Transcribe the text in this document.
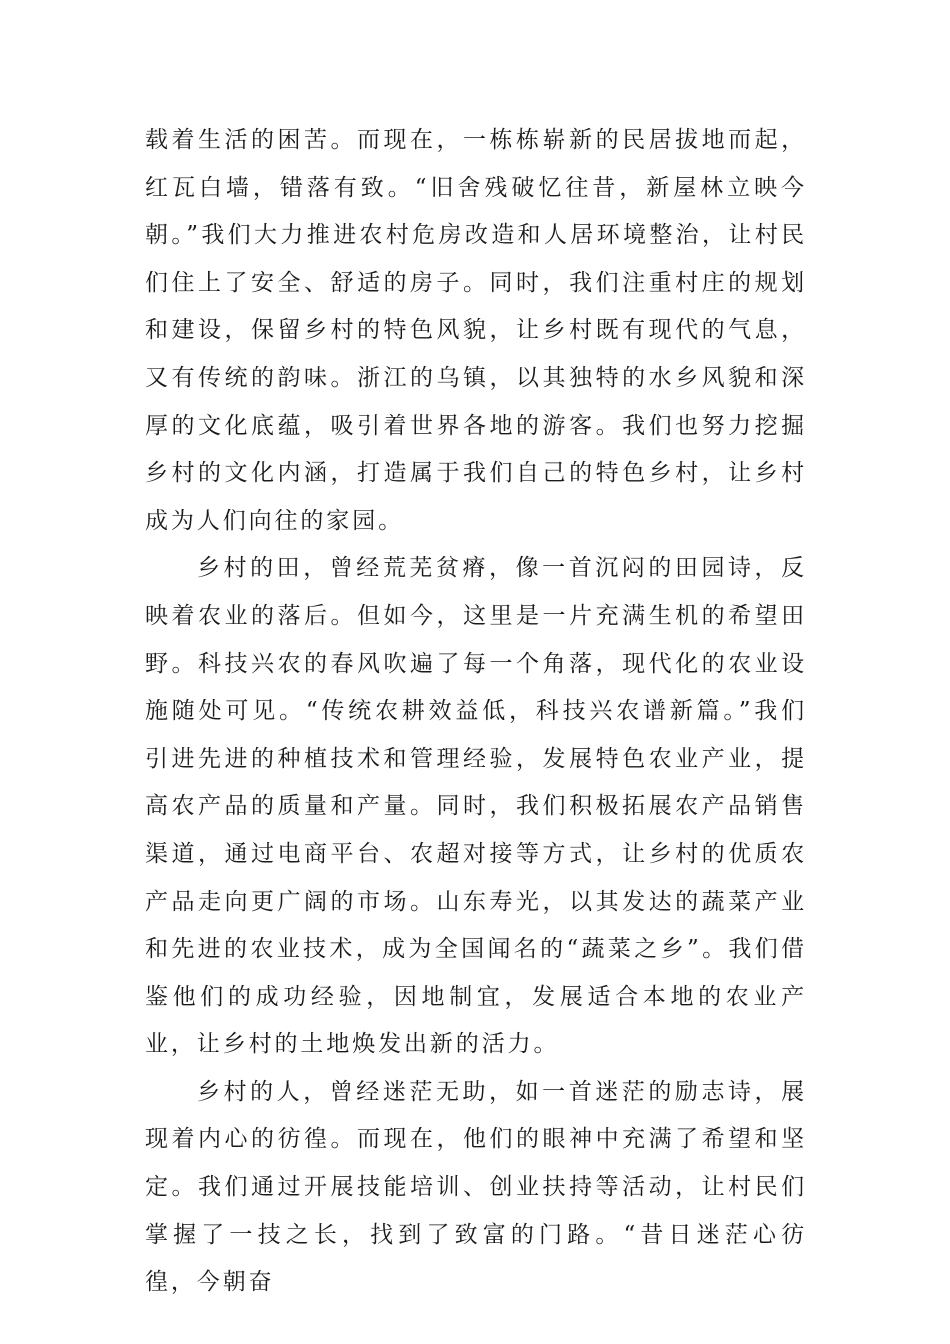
载着生活的困苦。而现在，一栋栋崭新的民居拔地而起，红瓦白墙，错落有致。“旧舍残破忆往昔，新屋林立映今朝。”我们大力推进农村危房改造和人居环境整治，让村民们住上了安全、舒适的房子。同时，我们注重村庄的规划和建设，保留乡村的特色风貌，让乡村既有现代的气息，又有传统的韵味。浙江的乌镇，以其独特的水乡风貌和深厚的文化底蕴，吸引着世界各地的游客。我们也努力挖掘乡村的文化内涵，打造属于我们自己的特色乡村，让乡村成为人们向往的家园。

乡村的田，曾经荒芜贫瘠，像一首沉闷的田园诗，反映着农业的落后。但如今，这里是一片充满生机的希望田野。科技兴农的春风吹遍了每一个角落，现代化的农业设施随处可见。“传统农耕效益低，科技兴农谱新篇。”我们引进先进的种植技术和管理经验，发展特色农业产业，提高农产品的质量和产量。同时，我们积极拓展农产品销售渠道，通过电商平台、农超对接等方式，让乡村的优质农产品走向更广阔的市场。山东寿光，以其发达的蔬菜产业和先进的农业技术，成为全国闻名的“蔬菜之乡”。我们借鉴他们的成功经验，因地制宜，发展适合本地的农业产业，让乡村的土地焕发出新的活力。

乡村的人，曾经迷茫无助，如一首迷茫的励志诗，展现着内心的彷徨。而现在，他们的眼神中充满了希望和坚定。我们通过开展技能培训、创业扶持等活动，让村民们掌握了一技之长，找到了致富的门路。“昔日迷茫心彷徨，今朝奋
